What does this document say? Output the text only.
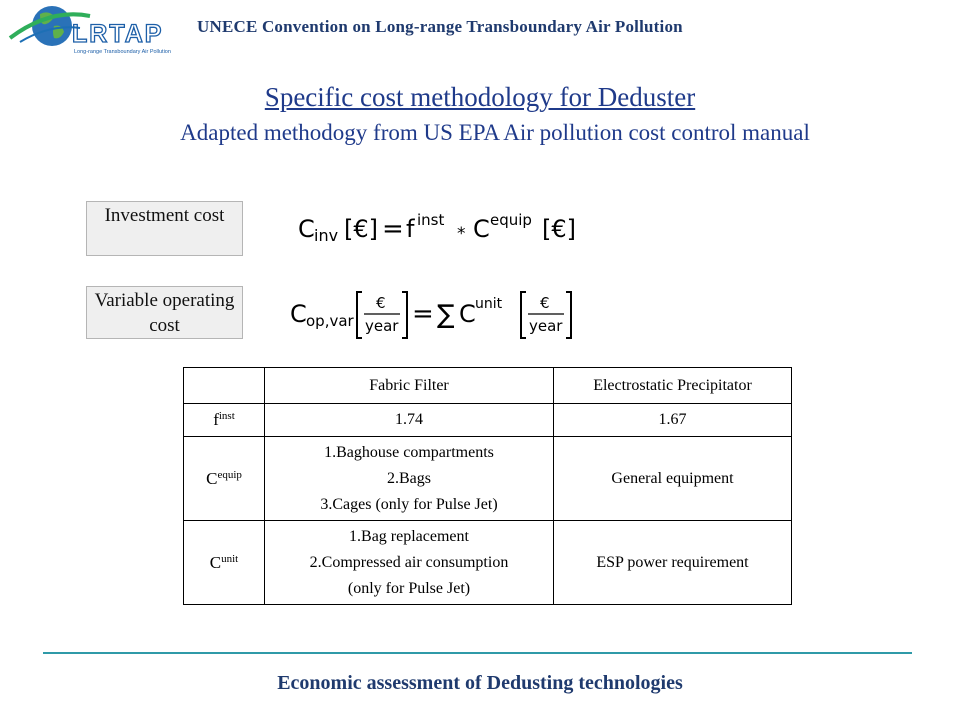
LRTAP
Long-range Transboundary Air Pollution
UNECE Convention on Long-range Transboundary Air Pollution
Specific cost methodology for Deduster
Adapted methodogy from US EPA Air pollution cost control manual
Investment cost
Variable operating cost
C inv [€] = f inst
* C equip [€]
C op,var
€
year = ∑ C unit	€
year
	Fabric Filter	Electrostatic Precipitator
$f^{inst}$	1.74	1.67
$C^{equip}$	1.Baghouse compartments
2.Bags
3.Cages (only for Pulse Jet)	General equipment
$C^{unit}$	1.Bag replacement
2.Compressed air consumption
(only for Pulse Jet)	ESP power requirement
Economic assessment of Dedusting technologies
